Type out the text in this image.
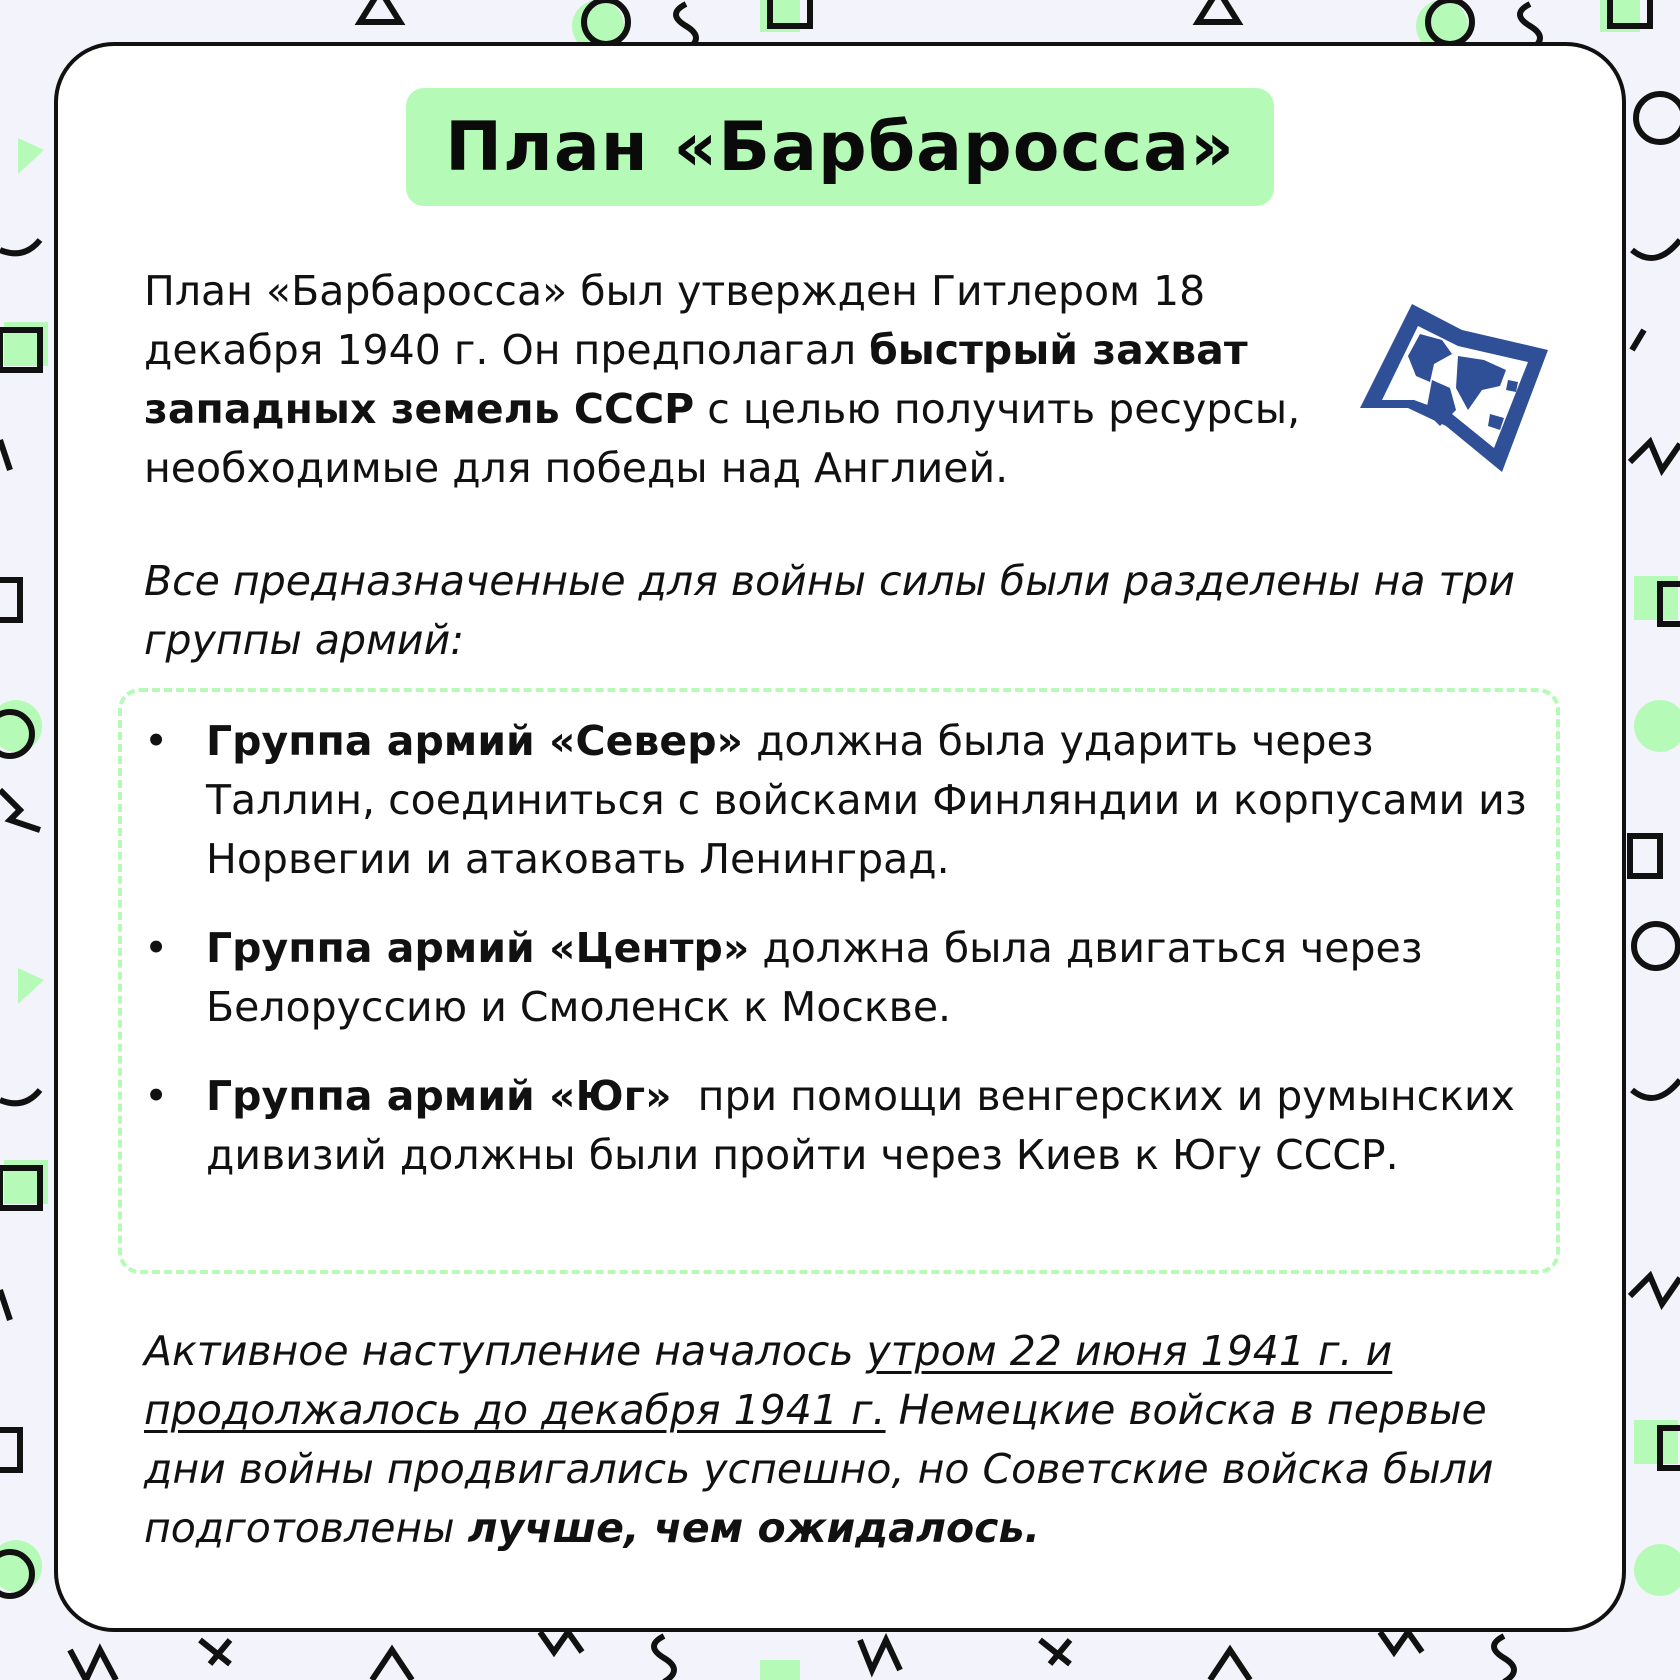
План «Барбаросса»

План «Барбаросса» был утвержден Гитлером 18 декабря 1940 г. Он предполагал быстрый захват западных земель СССР с целью получить ресурсы, необходимые для победы над Англией.

Все предназначенные для войны силы были разделены на три группы армий:

• Группа армий «Север» должна была ударить через Таллин, соединиться с войсками Финляндии и корпусами из Норвегии и атаковать Ленинград.
• Группа армий «Центр» должна была двигаться через Белоруссию и Смоленск к Москве.
• Группа армий «Юг»  при помощи венгерских и румынских дивизий должны были пройти через Киев к Югу СССР.

Активное наступление началось утром 22 июня 1941 г. и продолжалось до декабря 1941 г. Немецкие войска в первые дни войны продвигались успешно, но Советские войска были подготовлены лучше, чем ожидалось.
